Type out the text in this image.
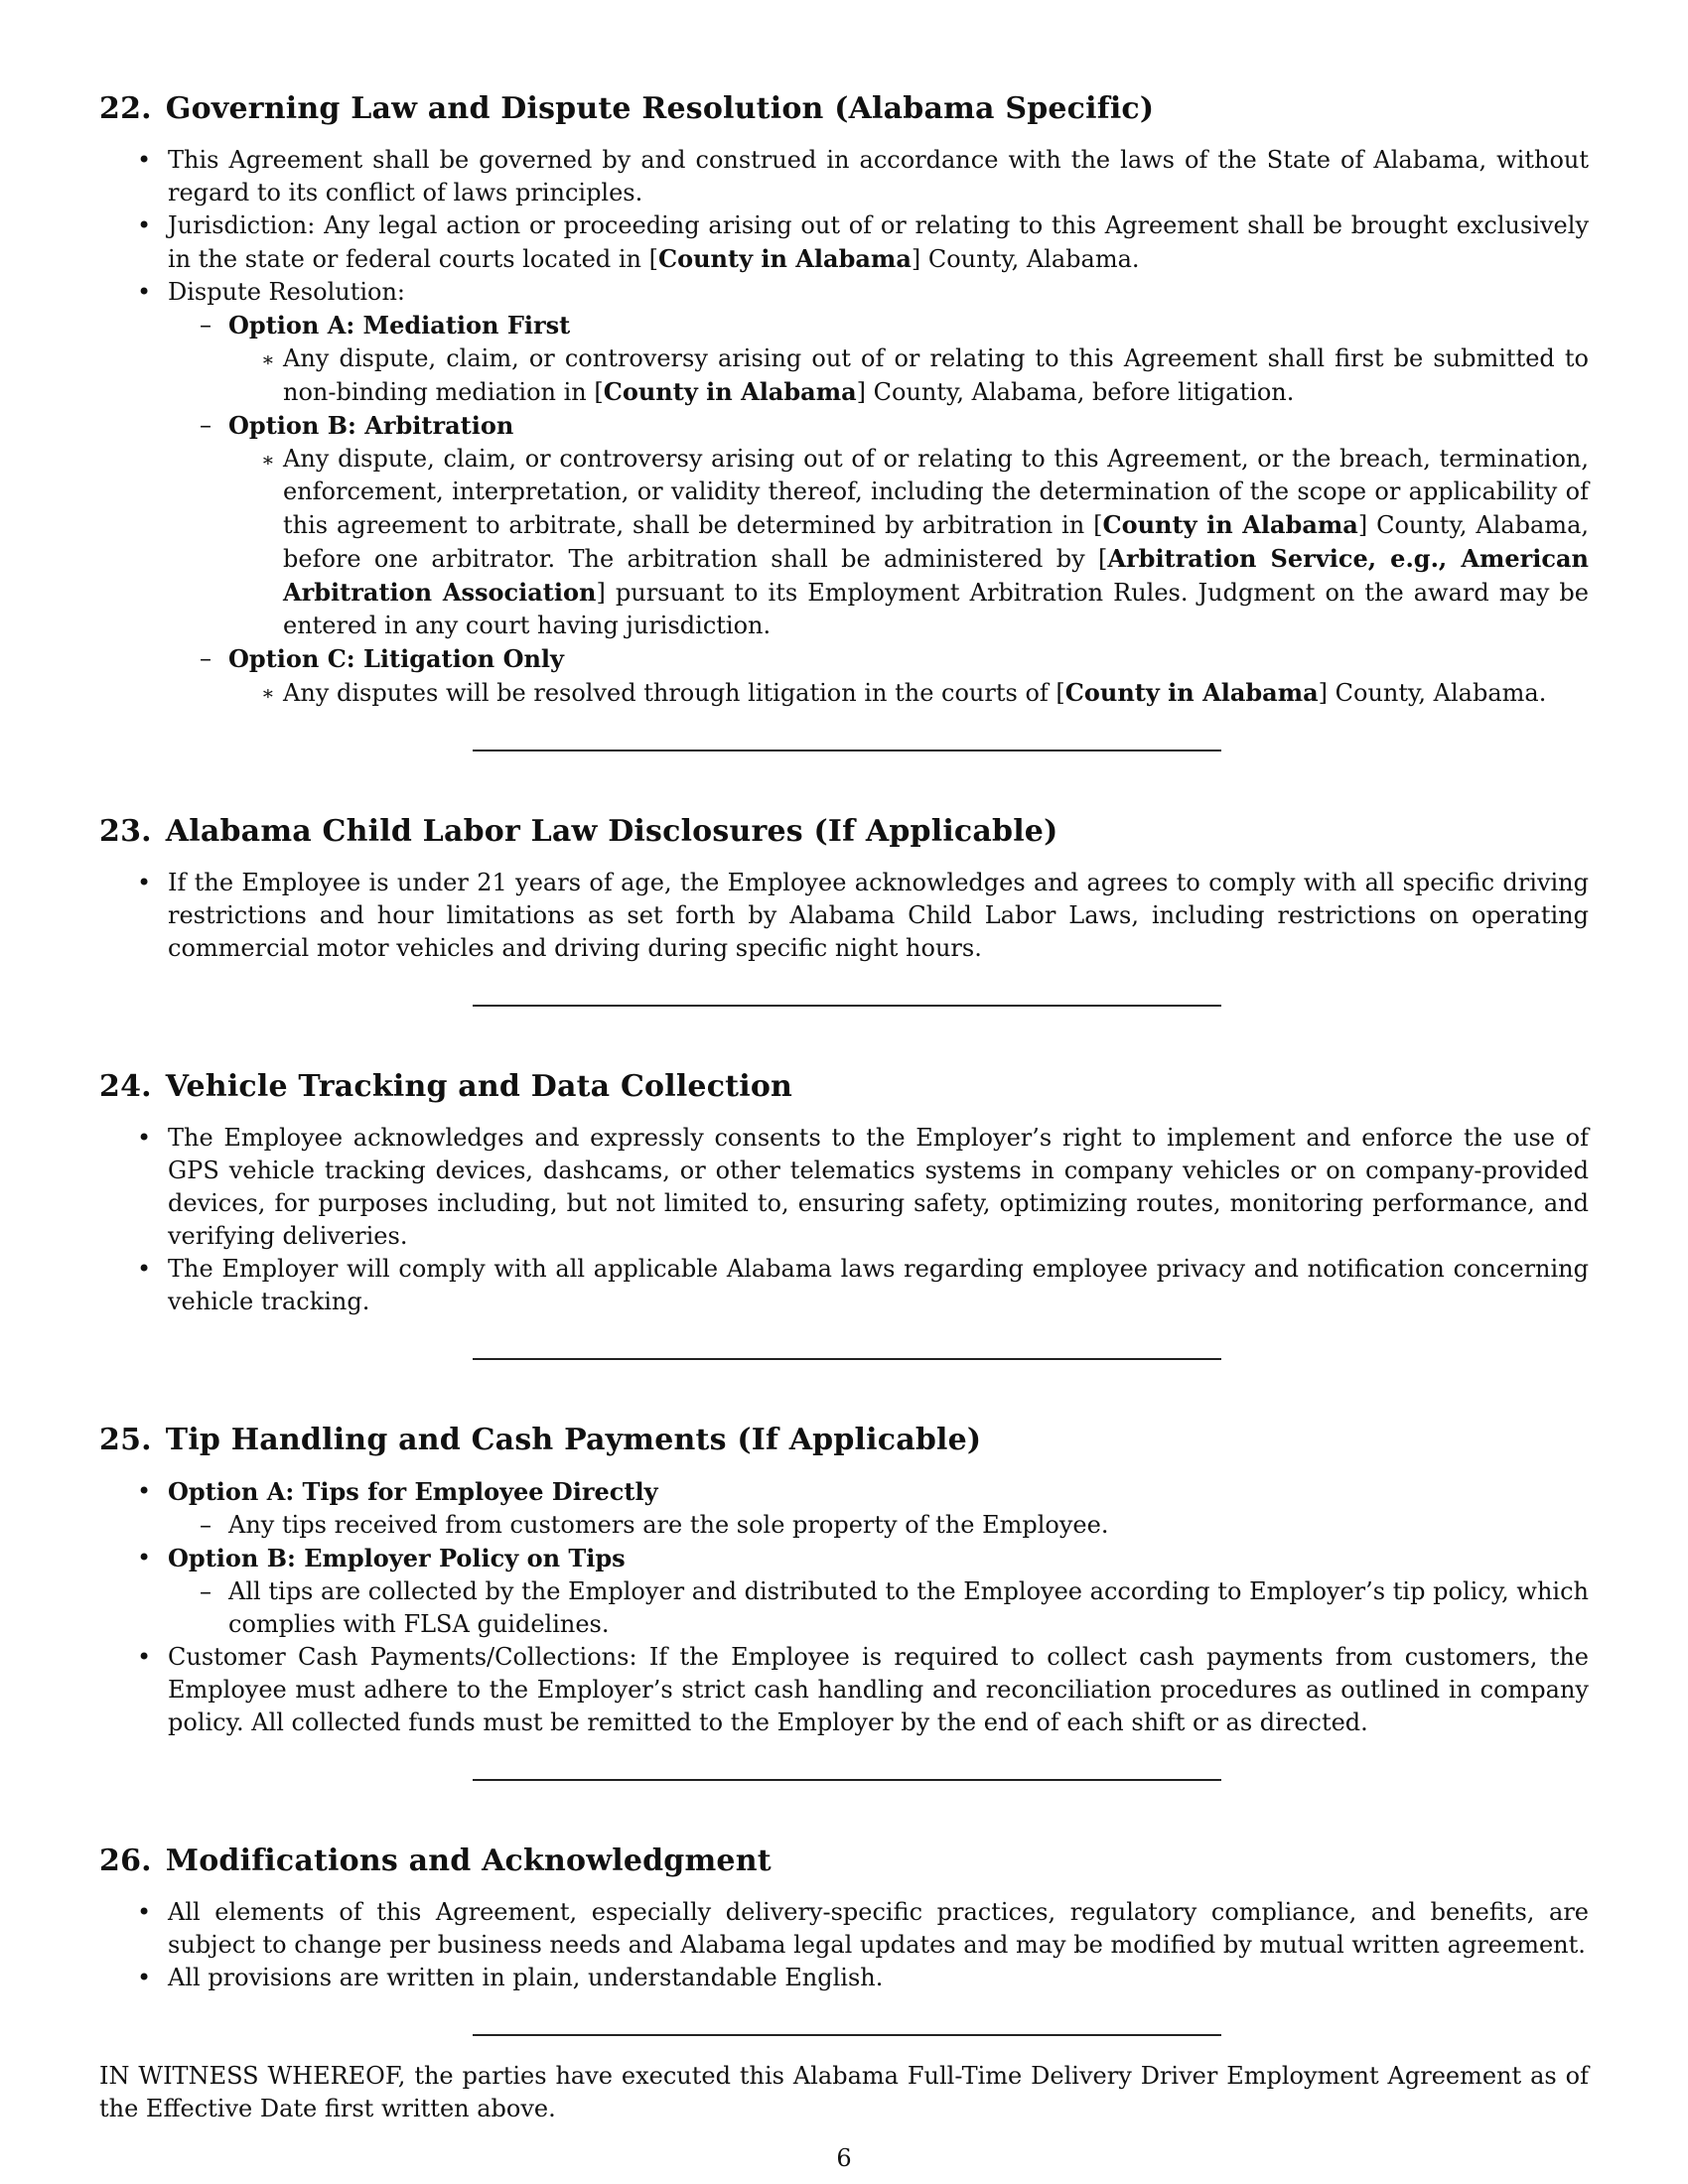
22. Governing Law and Dispute Resolution (Alabama Specific)
• This Agreement shall be governed by and construed in accordance with the laws of the State of Alabama, without regard to its conflict of laws principles.
• Jurisdiction: Any legal action or proceeding arising out of or relating to this Agreement shall be brought exclusively in the state or federal courts located in [County in Alabama] County, Alabama.
• Dispute Resolution:
– Option A: Mediation First
∗ Any dispute, claim, or controversy arising out of or relating to this Agreement shall first be submitted to non-binding mediation in [County in Alabama] County, Alabama, before litigation.
– Option B: Arbitration
∗ Any dispute, claim, or controversy arising out of or relating to this Agreement, or the breach, termination, enforcement, interpretation, or validity thereof, including the determination of the scope or applicability of this agreement to arbitrate, shall be determined by arbitration in [County in Alabama] County, Alabama, before one arbitrator. The arbitration shall be administered by [Arbitration Service, e.g., American Arbitration Association] pursuant to its Employment Arbitration Rules. Judgment on the award may be entered in any court having jurisdiction.
– Option C: Litigation Only
∗ Any disputes will be resolved through litigation in the courts of [County in Alabama] County, Alabama.
23. Alabama Child Labor Law Disclosures (If Applicable)
• If the Employee is under 21 years of age, the Employee acknowledges and agrees to comply with all specific driving restrictions and hour limitations as set forth by Alabama Child Labor Laws, including restrictions on operating commercial motor vehicles and driving during specific night hours.
24. Vehicle Tracking and Data Collection
• The Employee acknowledges and expressly consents to the Employer’s right to implement and enforce the use of GPS vehicle tracking devices, dashcams, or other telematics systems in company vehicles or on company-provided devices, for purposes including, but not limited to, ensuring safety, optimizing routes, monitoring performance, and verifying deliveries.
• The Employer will comply with all applicable Alabama laws regarding employee privacy and notification concerning vehicle tracking.
25. Tip Handling and Cash Payments (If Applicable)
• Option A: Tips for Employee Directly
– Any tips received from customers are the sole property of the Employee.
• Option B: Employer Policy on Tips
– All tips are collected by the Employer and distributed to the Employee according to Employer’s tip policy, which complies with FLSA guidelines.
• Customer Cash Payments/Collections: If the Employee is required to collect cash payments from customers, the Employee must adhere to the Employer’s strict cash handling and reconciliation procedures as outlined in company policy. All collected funds must be remitted to the Employer by the end of each shift or as directed.
26. Modifications and Acknowledgment
• All elements of this Agreement, especially delivery-specific practices, regulatory compliance, and benefits, are subject to change per business needs and Alabama legal updates and may be modified by mutual written agreement.
• All provisions are written in plain, understandable English.

IN WITNESS WHEREOF, the parties have executed this Alabama Full-Time Delivery Driver Employment Agreement as of the Effective Date first written above.

6
